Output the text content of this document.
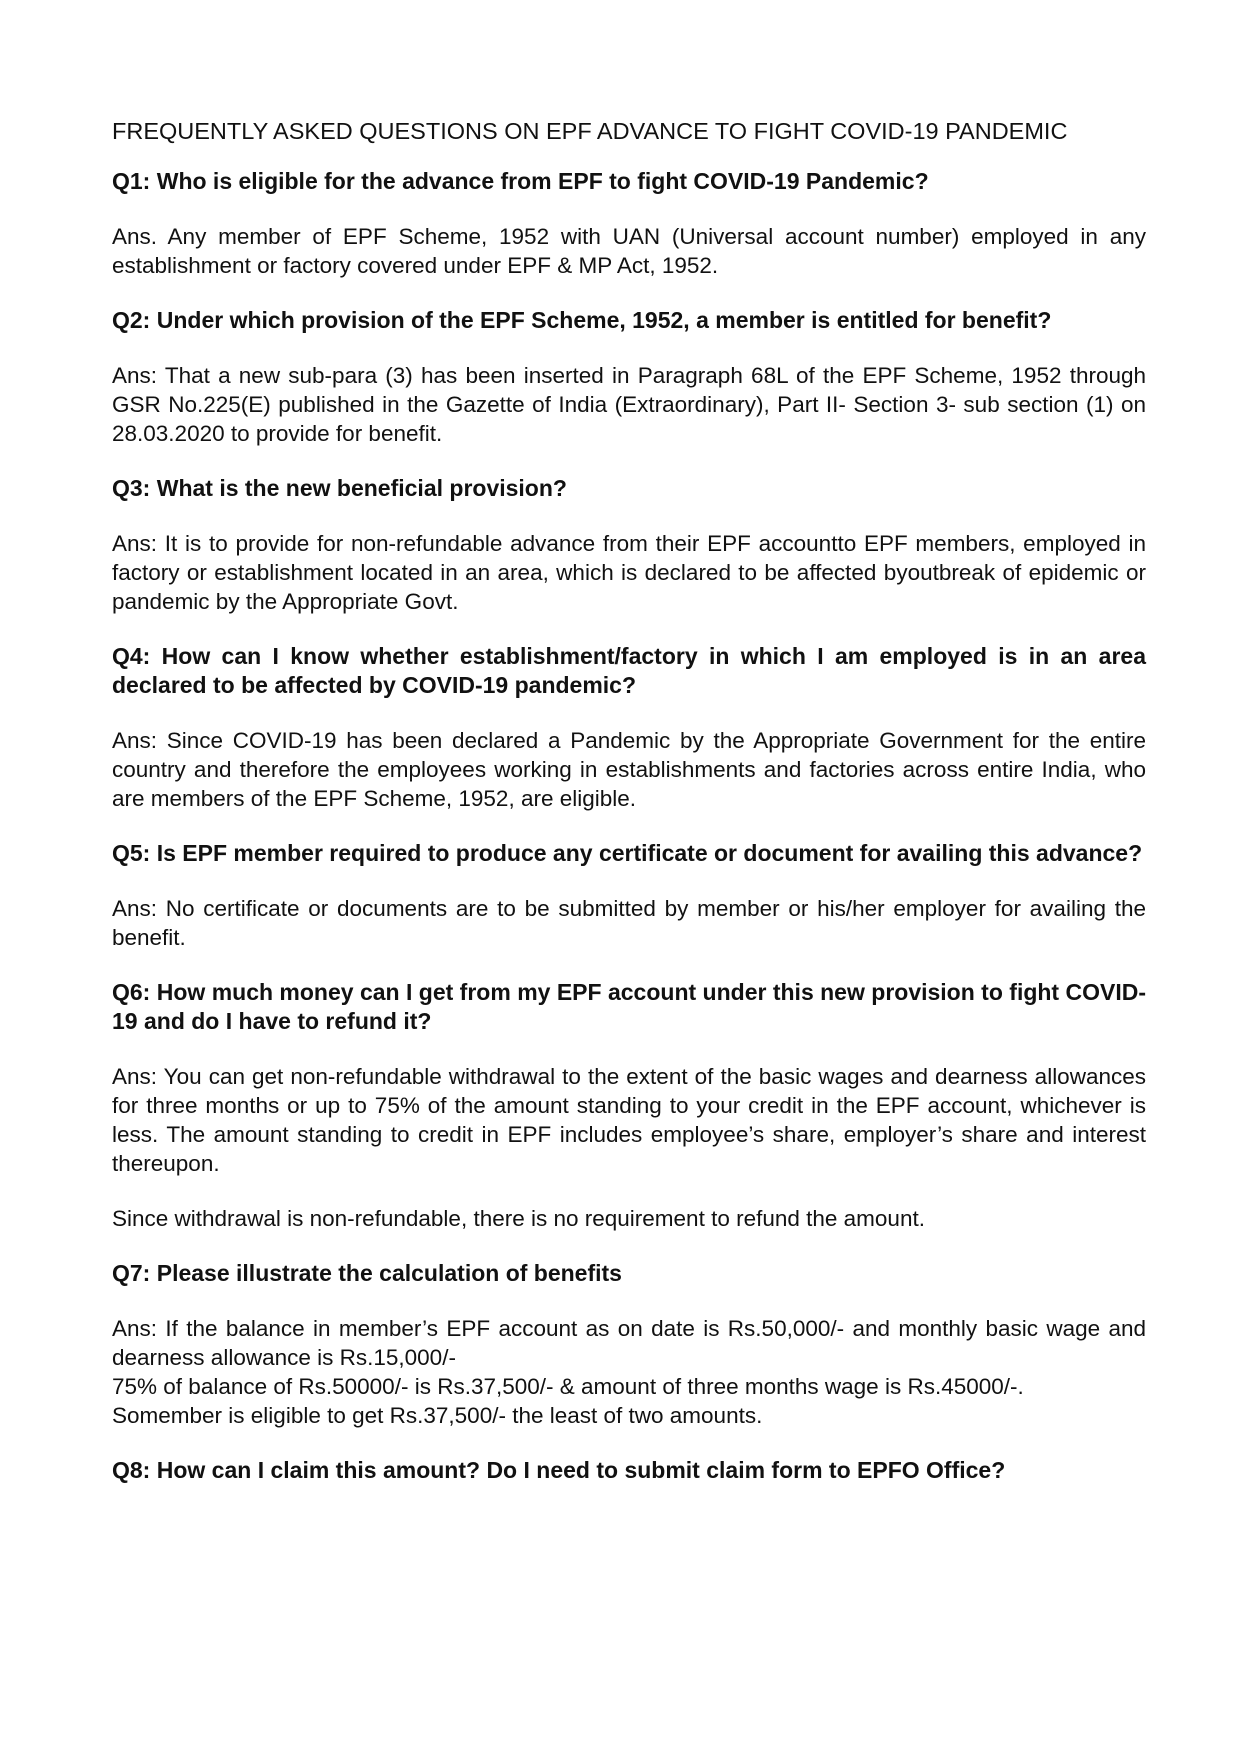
FREQUENTLY ASKED QUESTIONS ON EPF ADVANCE TO FIGHT COVID-19 PANDEMIC

Q1: Who is eligible for the advance from EPF to fight COVID-19 Pandemic?

Ans. Any member of EPF Scheme, 1952 with UAN (Universal account number) employed in any establishment or factory covered under EPF & MP Act, 1952.

Q2: Under which provision of the EPF Scheme, 1952, a member is entitled for benefit?

Ans: That a new sub-para (3) has been inserted in Paragraph 68L of the EPF Scheme, 1952 through GSR No.225(E) published in the Gazette of India (Extraordinary), Part II- Section 3- sub section (1) on 28.03.2020 to provide for benefit.

Q3: What is the new beneficial provision?

Ans: It is to provide for non-refundable advance from their EPF accountto EPF members, employed in factory or establishment located in an area, which is declared to be affected byoutbreak of epidemic or pandemic by the Appropriate Govt.

Q4: How can I know whether establishment/factory in which I am employed is in an area declared to be affected by COVID-19 pandemic?

Ans: Since COVID-19 has been declared a Pandemic by the Appropriate Government for the entire country and therefore the employees working in establishments and factories across entire India, who are members of the EPF Scheme, 1952, are eligible.

Q5: Is EPF member required to produce any certificate or document for availing this advance?

Ans: No certificate or documents are to be submitted by member or his/her employer for availing the benefit.

Q6: How much money can I get from my EPF account under this new provision to fight COVID-19 and do I have to refund it?

Ans: You can get non-refundable withdrawal to the extent of the basic wages and dearness allowances for three months or up to 75% of the amount standing to your credit in the EPF account, whichever is less. The amount standing to credit in EPF includes employee’s share, employer’s share and interest thereupon.

Since withdrawal is non-refundable, there is no requirement to refund the amount.

Q7: Please illustrate the calculation of benefits

Ans: If the balance in member’s EPF account as on date is Rs.50,000/- and monthly basic wage and dearness allowance is Rs.15,000/-
75% of balance of Rs.50000/- is Rs.37,500/- & amount of three months wage is Rs.45000/-.
Somember is eligible to get Rs.37,500/- the least of two amounts.

Q8: How can I claim this amount? Do I need to submit claim form to EPFO Office?
